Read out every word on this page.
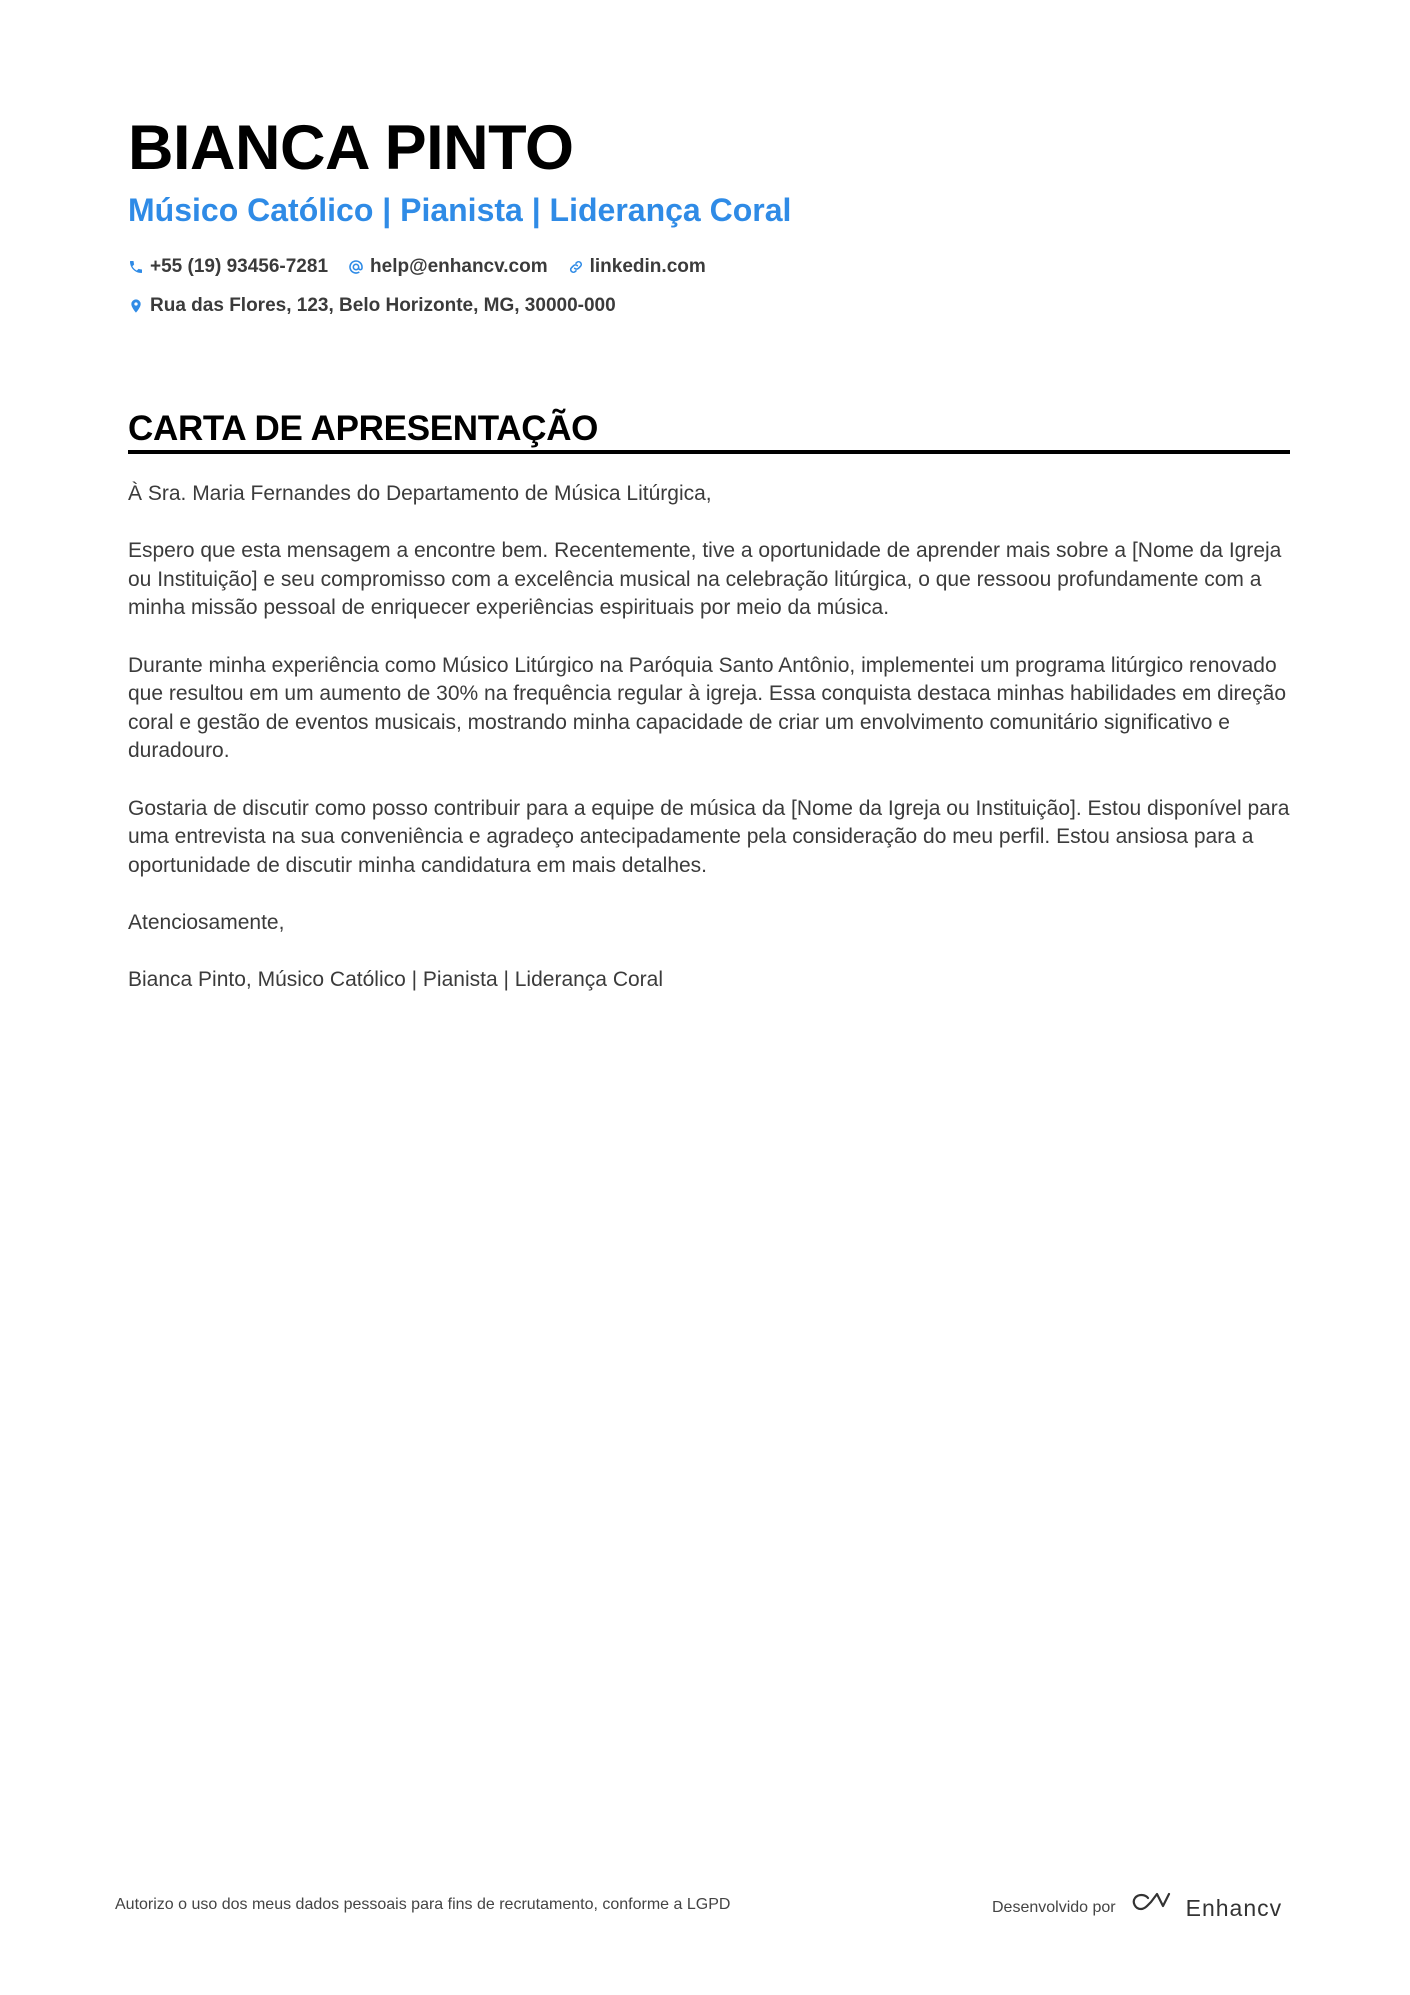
BIANCA PINTO
Músico Católico | Pianista | Liderança Coral
+55 (19) 93456-7281 help@enhancv.com linkedin.com
Rua das Flores, 123, Belo Horizonte, MG, 30000-000
CARTA DE APRESENTAÇÃO

À Sra. Maria Fernandes do Departamento de Música Litúrgica,

Espero que esta mensagem a encontre bem. Recentemente, tive a oportunidade de aprender mais sobre a [Nome da Igreja ou Instituição] e seu compromisso com a excelência musical na celebração litúrgica, o que ressoou profundamente com a minha missão pessoal de enriquecer experiências espirituais por meio da música.

Durante minha experiência como Músico Litúrgico na Paróquia Santo Antônio, implementei um programa litúrgico renovado que resultou em um aumento de 30% na frequência regular à igreja. Essa conquista destaca minhas habilidades em direção coral e gestão de eventos musicais, mostrando minha capacidade de criar um envolvimento comunitário significativo e duradouro.

Gostaria de discutir como posso contribuir para a equipe de música da [Nome da Igreja ou Instituição]. Estou disponível para uma entrevista na sua conveniência e agradeço antecipadamente pela consideração do meu perfil. Estou ansiosa para a oportunidade de discutir minha candidatura em mais detalhes.

Atenciosamente,

Bianca Pinto, Músico Católico | Pianista | Liderança Coral

Autorizo o uso dos meus dados pessoais para fins de recrutamento, conforme a LGPD	Desenvolvido por	Enhancv
